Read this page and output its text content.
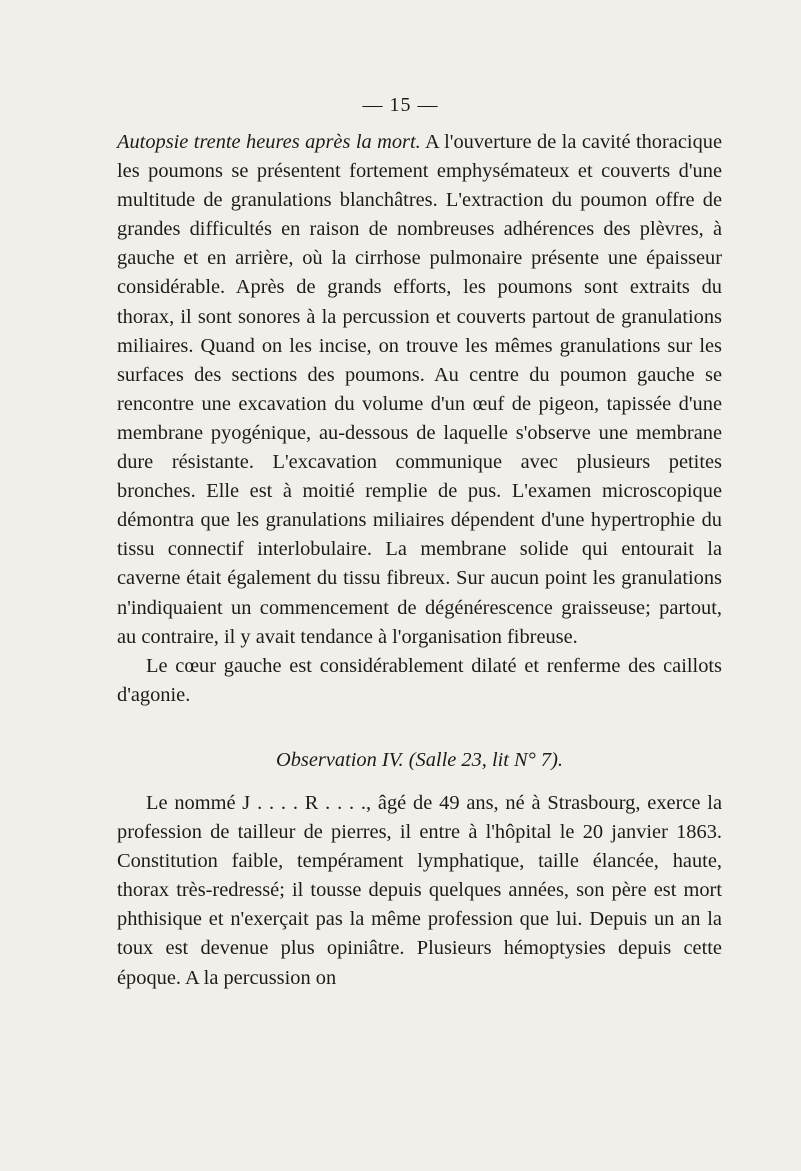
— 15 —

Autopsie trente heures après la mort. A l'ouverture de la cavité thoracique les poumons se présentent fortement emphysémateux et couverts d'une multitude de granulations blanchâtres. L'extraction du poumon offre de grandes difficultés en raison de nombreuses adhérences des plèvres, à gauche et en arrière, où la cirrhose pulmonaire présente une épaisseur considérable. Après de grands efforts, les poumons sont extraits du thorax, il sont sonores à la percussion et couverts partout de granulations miliaires. Quand on les incise, on trouve les mêmes granulations sur les surfaces des sections des poumons. Au centre du poumon gauche se rencontre une excavation du volume d'un œuf de pigeon, tapissée d'une membrane pyogénique, au-dessous de laquelle s'observe une membrane dure résistante. L'excavation communique avec plusieurs petites bronches. Elle est à moitié remplie de pus. L'examen microscopique démontra que les granulations miliaires dépendent d'une hypertrophie du tissu connectif interlobulaire. La membrane solide qui entourait la caverne était également du tissu fibreux. Sur aucun point les granulations n'indiquaient un commencement de dégénérescence graisseuse; partout, au contraire, il y avait tendance à l'organisation fibreuse.

Le cœur gauche est considérablement dilaté et renferme des caillots d'agonie.

Observation IV. (Salle 23, lit N° 7).

Le nommé J . . . . R . . . ., âgé de 49 ans, né à Strasbourg, exerce la profession de tailleur de pierres, il entre à l'hôpital le 20 janvier 1863. Constitution faible, tempérament lymphatique, taille élancée, haute, thorax très-redressé; il tousse depuis quelques années, son père est mort phthisique et n'exerçait pas la même profession que lui. Depuis un an la toux est devenue plus opiniâtre. Plusieurs hémoptysies depuis cette époque. A la percussion on
